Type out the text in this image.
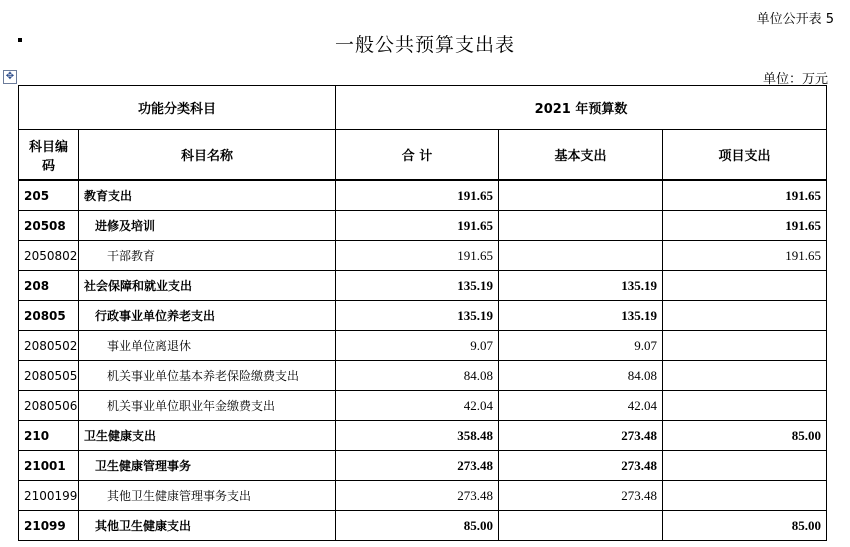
单位公开表 5
一般公共预算支出表
✥	单位：万元
功能分类科目		2021 年预算数		
科目编码	科目名称	合 计	基本支出	项目支出
205	教育支出	191.65		191.65
20508	进修及培训	191.65		191.65
2050802	干部教育	191.65		191.65
208	社会保障和就业支出	135.19	135.19	
20805	行政事业单位养老支出	135.19	135.19	
2080502	事业单位离退休	9.07	9.07	
2080505	机关事业单位基本养老保险缴费支出	84.08	84.08	
2080506	机关事业单位职业年金缴费支出	42.04	42.04	
210	卫生健康支出	358.48	273.48	85.00
21001	卫生健康管理事务	273.48	273.48	
2100199	其他卫生健康管理事务支出	273.48	273.48	
21099	其他卫生健康支出	85.00		85.00
